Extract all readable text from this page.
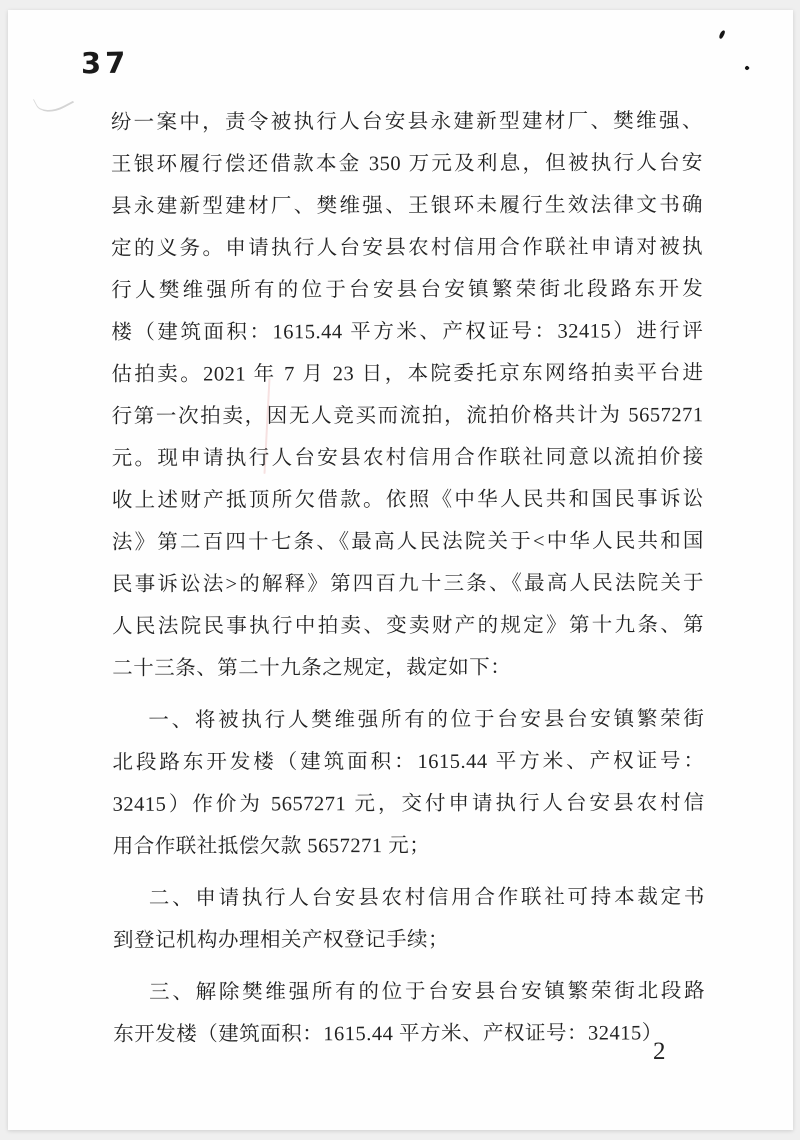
37
纷一案中，责令被执行人台安县永建新型建材厂、樊维强、
王银环履行偿还借款本金 350 万元及利息，但被执行人台安
县永建新型建材厂、樊维强、王银环未履行生效法律文书确
定的义务。申请执行人台安县农村信用合作联社申请对被执
行人樊维强所有的位于台安县台安镇繁荣街北段路东开发
楼（建筑面积：1615.44 平方米、产权证号：32415）进行评
估拍卖。2021 年 7 月 23 日，本院委托京东网络拍卖平台进
行第一次拍卖，因无人竞买而流拍，流拍价格共计为 5657271
元。现申请执行人台安县农村信用合作联社同意以流拍价接
收上述财产抵顶所欠借款。依照《中华人民共和国民事诉讼
法》第二百四十七条、《最高人民法院关于<中华人民共和国
民事诉讼法>的解释》第四百九十三条、《最高人民法院关于
人民法院民事执行中拍卖、变卖财产的规定》第十九条、第
二十三条、第二十九条之规定，裁定如下：
一、将被执行人樊维强所有的位于台安县台安镇繁荣街
北段路东开发楼（建筑面积：1615.44 平方米、产权证号：
32415）作价为 5657271 元，交付申请执行人台安县农村信
用合作联社抵偿欠款 5657271 元；
二、申请执行人台安县农村信用合作联社可持本裁定书
到登记机构办理相关产权登记手续；
三、解除樊维强所有的位于台安县台安镇繁荣街北段路
东开发楼（建筑面积：1615.44 平方米、产权证号：32415）
2
